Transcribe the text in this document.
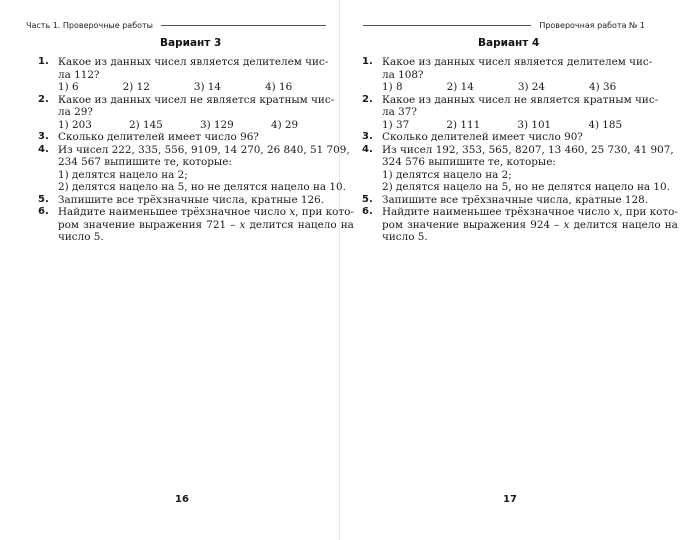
Часть 1. Проверочные работы
Вариант 3
1. Какое из данных чисел является делителем чис-
ла 112?
1) 6	2) 12	3) 14	4) 16
2. Какое из данных чисел не является кратным чис-
ла 29?
1) 203	2) 145	3) 129	4) 29
3. Сколько делителей имеет число 96?
4. Из чисел 222, 335, 556, 9109, 14 270, 26 840, 51 709,
234 567 выпишите те, которые:
1) делятся нацело на 2;
2) делятся нацело на 5, но не делятся нацело на 10.
5. Запишите все трёхзначные числа, кратные 126.
6. Найдите наименьшее трёхзначное число x, при кото-
ром значение выражения 721 – x делится нацело на
число 5.
16
Проверочная работа № 1
Вариант 4
1. Какое из данных чисел является делителем чис-
ла 108?
1) 8	2) 14	3) 24	4) 36
2. Какое из данных чисел не является кратным чис-
ла 37?
1) 37	2) 111	3) 101	4) 185
3. Сколько делителей имеет число 90?
4. Из чисел 192, 353, 565, 8207, 13 460, 25 730, 41 907,
324 576 выпишите те, которые:
1) делятся нацело на 2;
2) делятся нацело на 5, но не делятся нацело на 10.
5. Запишите все трёхзначные числа, кратные 128.
6. Найдите наименьшее трёхзначное число x, при кото-
ром значение выражения 924 – x делится нацело на
число 5.
17
